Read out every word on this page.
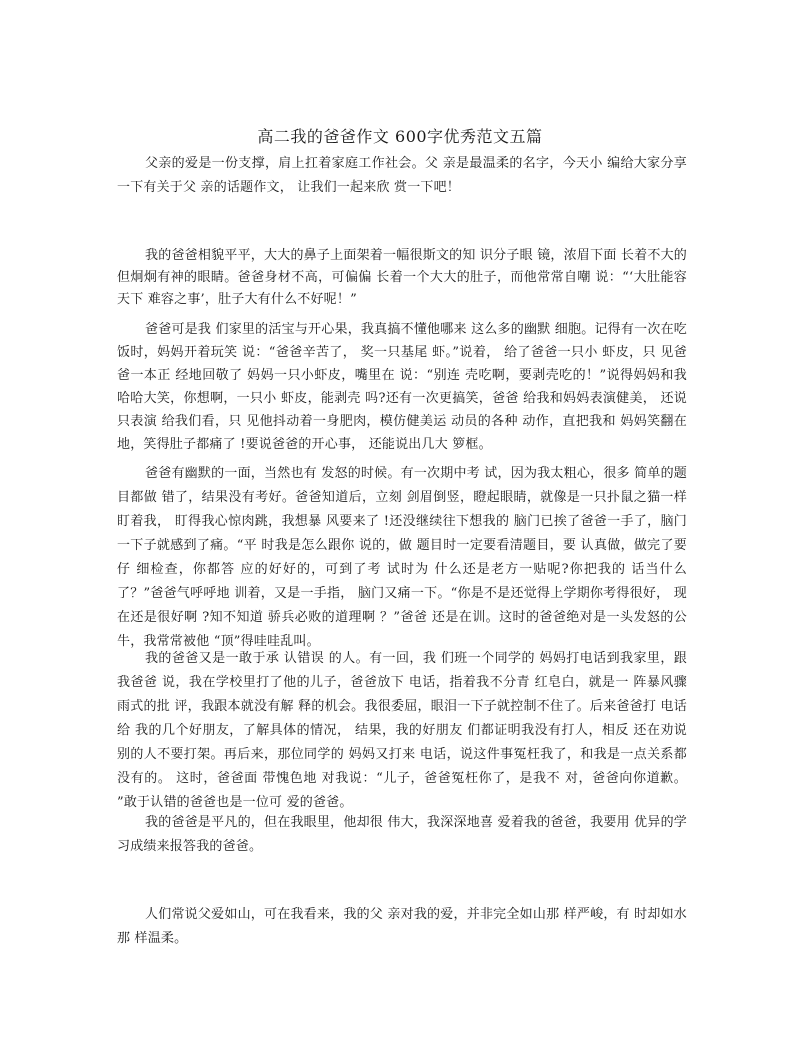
高二我的爸爸作文 600字优秀范文五篇

父亲的爱是一份支撑，肩上扛着家庭工作社会。父 亲是最温柔的名字，今天小 编给大家分享一下有关于父 亲的话题作文， 让我们一起来欣 赏一下吧！

我的爸爸相貌平平，大大的鼻子上面架着一幅很斯文的知 识分子眼 镜，浓眉下面 长着不大的但炯炯有神的眼睛。爸爸身材不高，可偏偏 长着一个大大的肚子，而他常常自嘲 说：“‘大肚能容天下 难容之事’，肚子大有什么不好呢！”

爸爸可是我 们家里的活宝与开心果，我真搞不懂他哪来 这么多的幽默 细胞。记得有一次在吃 饭时，妈妈开着玩笑 说：“爸爸辛苦了， 奖一只基尾 虾。”说着， 给了爸爸一只小 虾皮，只 见爸爸一本正 经地回敬了 妈妈一只小虾皮，嘴里在 说：“别连 壳吃啊，要剥壳吃的！”说得妈妈和我哈哈大笑，你想啊，一只小 虾皮，能剥壳 吗?还有一次更搞笑，爸爸 给我和妈妈表演健美， 还说只表演 给我们看，只 见他抖动着一身肥肉，模仿健美运 动员的各种 动作，直把我和 妈妈笑翻在地，笑得肚子都痛了 !要说爸爸的开心事， 还能说出几大 箩框。

爸爸有幽默的一面，当然也有 发怒的时候。有一次期中考 试，因为我太粗心，很多 简单的题目都做 错了，结果没有考好。爸爸知道后，立刻 剑眉倒竖，瞪起眼睛，就像是一只扑鼠之猫一样盯着我， 盯得我心惊肉跳，我想暴 风要来了 !还没继续往下想我的 脑门已挨了爸爸一手了，脑门一下子就感到了痛。“平 时我是怎么跟你 说的，做 题目时一定要看清题目，要 认真做，做完了要仔 细检查，你都答 应的好好的，可到了考 试时为 什么还是老方一贴呢?你把我的 话当什么了？”爸爸气呼呼地 训着，又是一手指， 脑门又痛一下。“你是不是还觉得上学期你考得很好， 现在还是很好啊 ?知不知道 骄兵必败的道理啊 ？”爸爸 还是在训。这时的爸爸绝对是一头发怒的公牛，我常常被他 “顶”得哇哇乱叫。

我的爸爸又是一敢于承 认错误 的人。有一回，我 们班一个同学的 妈妈打电话到我家里，跟我爸爸 说，我在学校里打了他的儿子，爸爸放下 电话，指着我不分青 红皂白，就是一 阵暴风骤雨式的批 评，我跟本就没有解 释的机会。我很委屈，眼泪一下子就控制不住了。后来爸爸打 电话给 我的几个好朋友，了解具体的情况， 结果，我的好朋友 们都证明我没有打人，相反 还在劝说别的人不要打架。再后来，那位同学的 妈妈又打来 电话，说这件事冤枉我了，和我是一点关系都没有的。 这时，爸爸面 带愧色地 对我说：“儿子，爸爸冤枉你了，是我不 对，爸爸向你道歉。 ”敢于认错的爸爸也是一位可 爱的爸爸。

我的爸爸是平凡的，但在我眼里，他却很 伟大，我深深地喜 爱着我的爸爸，我要用 优异的学 习成绩来报答我的爸爸。

人们常说父爱如山，可在我看来，我的父 亲对我的爱，并非完全如山那 样严峻，有 时却如水那 样温柔。
